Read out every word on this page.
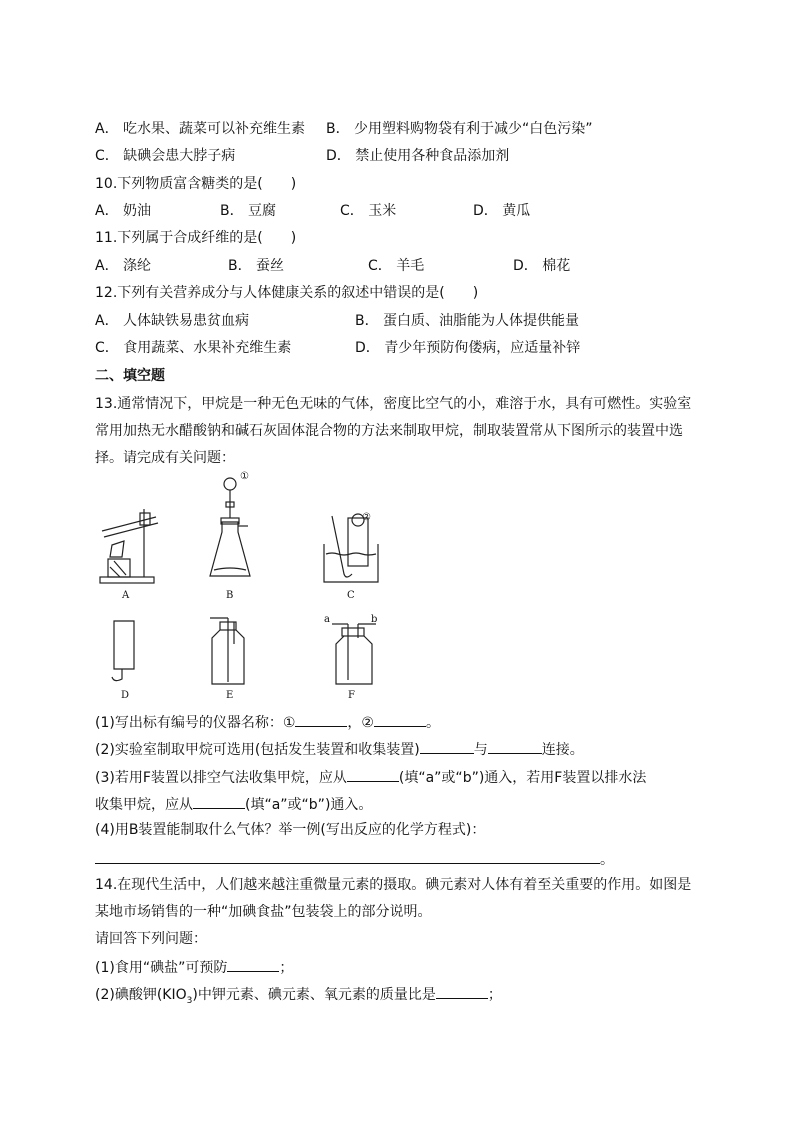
A． 吃水果、蔬菜可以补充维生素 B． 少用塑料购物袋有利于减少“白色污染”
C． 缺碘会患大脖子病	D． 禁止使用各种食品添加剂
10.下列物质富含糖类的是(　　)
A． 奶油	B． 豆腐	C． 玉米	D． 黄瓜
11.下列属于合成纤维的是(　　)
A． 涤纶	B． 蚕丝	C． 羊毛	D． 棉花
12.下列有关营养成分与人体健康关系的叙述中错误的是(　　)
A． 人体缺铁易患贫血病	B． 蛋白质、油脂能为人体提供能量
C． 食用蔬菜、水果补充维生素	D． 青少年预防佝偻病，应适量补锌
二、填空题
13.通常情况下，甲烷是一种无色无味的气体，密度比空气的小，难溶于水，具有可燃性。实验室
常用加热无水醋酸钠和碱石灰固体混合物的方法来制取甲烷，制取装置常从下图所示的装置中选
择。请完成有关问题：
A
①
B
②
C
D	E
a	b
F
(1)写出标有编号的仪器名称：①	，②	。
(2)实验室制取甲烷可选用(包括发生装置和收集装置)	与	连接。
(3)若用F装置以排空气法收集甲烷，应从	(填“a”或“b”)通入，若用F装置以排水法
收集甲烷，应从	(填“a”或“b”)通入。
(4)用B装置能制取什么气体？举一例(写出反应的化学方程式)：
。
14.在现代生活中，人们越来越注重微量元素的摄取。碘元素对人体有着至关重要的作用。如图是
某地市场销售的一种“加碘食盐”包装袋上的部分说明。
请回答下列问题：
(1)食用“碘盐”可预防	；
(2)碘酸钾$(KIO_3)$中钾元素、碘元素、氧元素的质量比是	；
